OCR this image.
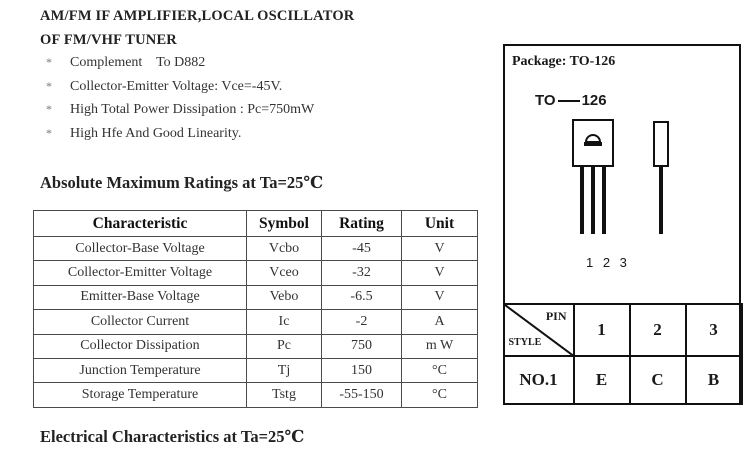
AM/FM IF AMPLIFIER,LOCAL OSCILLATOR
OF FM/VHF TUNER
* Complement    To D882
* Collector-Emitter Voltage: Vce=-45V.
* High Total Power Dissipation : Pc=750mW
* High Hfe And Good Linearity.
Absolute Maximum Ratings at Ta=25℃
Characteristic	Symbol	Rating	Unit
Collector-Base Voltage	Vcbo	-45	V
Collector-Emitter Voltage	Vceo	-32	V
Emitter-Base Voltage	Vebo	-6.5	V
Collector Current	Ic	-2	A
Collector Dissipation	Pc	750	m W
Junction Temperature	Tj	150	°C
Storage Temperature	Tstg	-55-150	°C
Electrical Characteristics at Ta=25℃
Package: TO-126
TO 126
1 2 3
PIN
STYLE	1	2	3
NO.1	E	C	B
